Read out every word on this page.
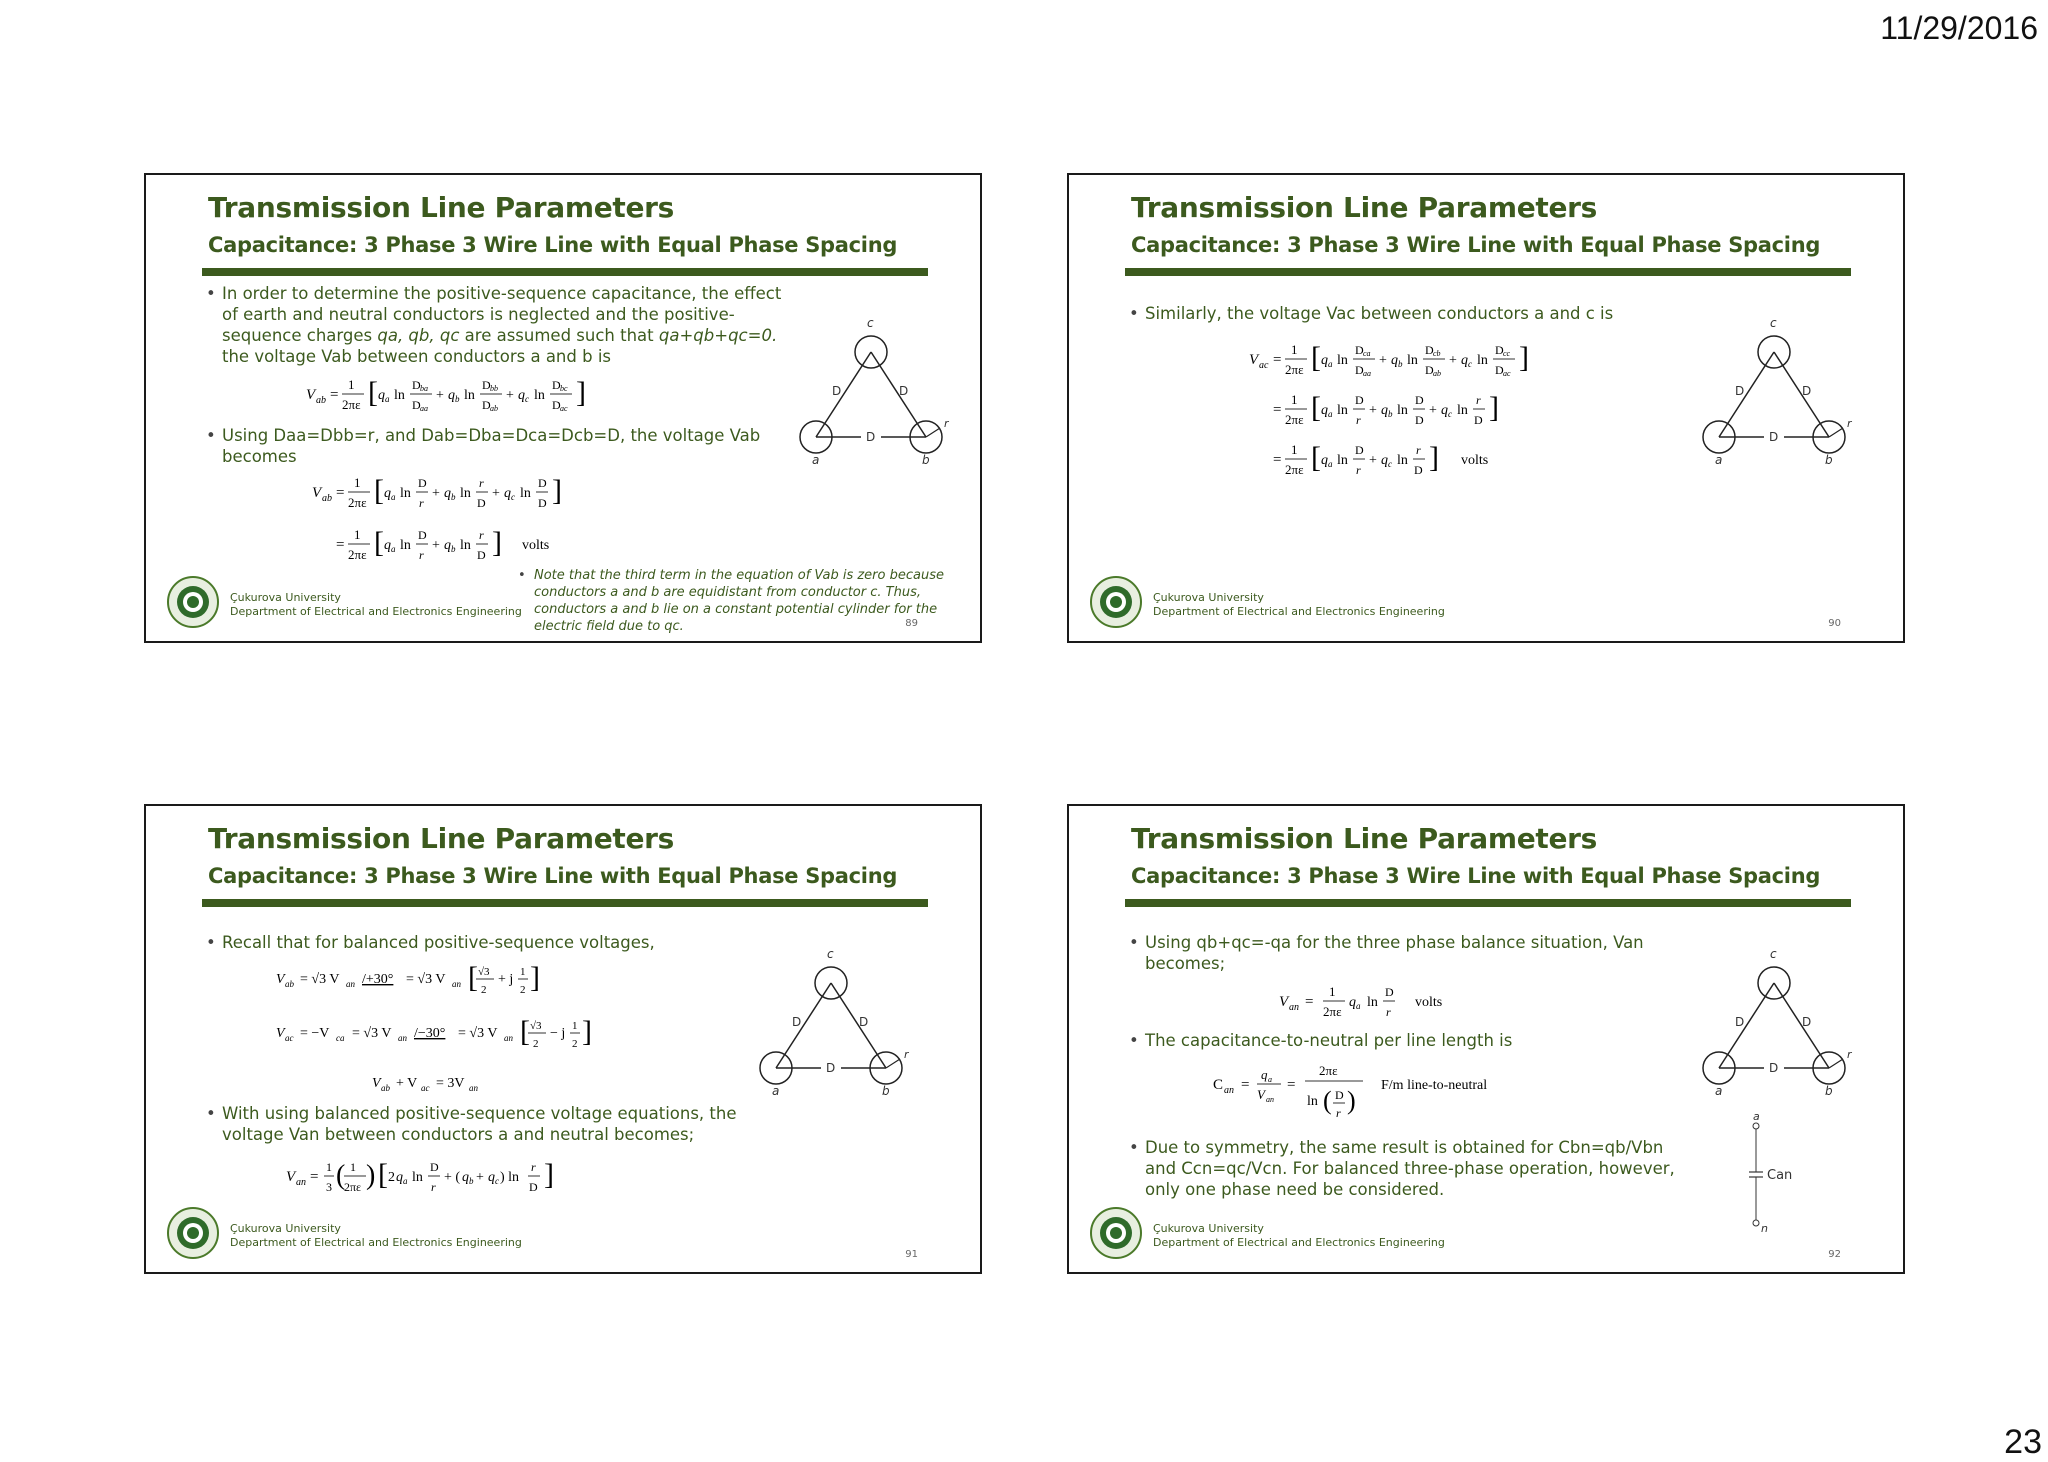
11/29/2016
23
Transmission Line Parameters
Capacitance: 3 Phase 3 Wire Line with Equal Phase Spacing

• In order to determine the positive-sequence capacitance, the effect of earth and neutral conductors is neglected and the positive-sequence charges qa, qb, qc are assumed such that qa+qb+qc=0. the voltage Vab between conductors a and b is

V ab =
1
2πε [ q a ln
D ba
D aa
+ q b ln
D bb
D ab
+ q c ln
D bc
D ac ]

• Using Daa=Dbb=r, and Dab=Dba=Dca=Dcb=D, the voltage Vab becomes

V ab =
1
2πε [ q a ln
D
r
+ q b ln
r
D
+ q c ln
D
D ]
=
1
2πε [ q a ln
D
r
+ q b ln
r
D ] volts
c
D
D	D
r
a	b

• Note that the third term in the equation of Vab is zero because conductors a and b are equidistant from conductor c. Thus, conductors a and b lie on a constant potential cylinder for the electric field due to qc.

Çukurova University
Department of Electrical and Electronics Engineering
89
Transmission Line Parameters
Capacitance: 3 Phase 3 Wire Line with Equal Phase Spacing

• Similarly, the voltage Vac between conductors a and c is

V ac =
1
2πε [ q a ln
D ca
D aa
+ q b ln
D cb
D ab
+ q c ln
D cc
D ac ]
=
1
2πε [ q a ln
D
r
+ q b ln
D
D
+ q c ln
r
D ]
=
1
2πε [ q a ln
D
r
+ q c ln
r
D ] volts
c
D
D	D
r
a	b
Çukurova University
Department of Electrical and Electronics Engineering
90
Transmission Line Parameters
Capacitance: 3 Phase 3 Wire Line with Equal Phase Spacing

• Recall that for balanced positive-sequence voltages,

V ab = √3 V an /+30° = √3 V an [ √3
2
+ j 1
2 ]
V ac = −V ca = √3 V an /−30° = √3 V an [ √3
2
− j 1
2 ]
V ab + V ac = 3V an

• With using balanced positive-sequence voltage equations, the voltage Van between conductors a and neutral becomes;

V an =
1
3 ( 1
2πε ) [ 2 q a ln
D
r
+ ( q b + q c ) ln
r
D ]
c
D
D	D
r
a	b
Çukurova University
Department of Electrical and Electronics Engineering
91
Transmission Line Parameters
Capacitance: 3 Phase 3 Wire Line with Equal Phase Spacing

• Using qb+qc=-qa for the three phase balance situation, Van becomes;

V an =
1
2πε
q a ln
D
r
volts

• The capacitance-to-neutral per line length is

C an =
q a
V an
=
2πε
ln ( D
r )
F/m line-to-neutral

• Due to symmetry, the same result is obtained for Cbn=qb/Vbn and Ccn=qc/Vcn. For balanced three-phase operation, however, only one phase need be considered.

c
D
D	D
r
a	b
a
Can
n
Çukurova University
Department of Electrical and Electronics Engineering
92
